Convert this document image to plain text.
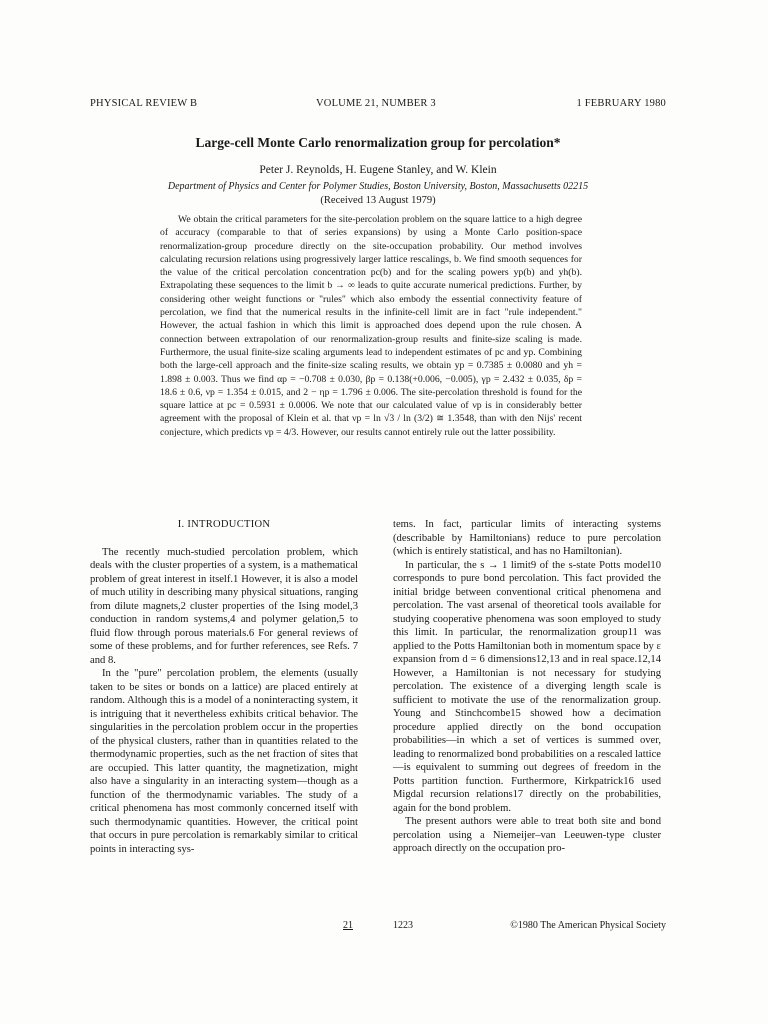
PHYSICAL REVIEW B	VOLUME 21, NUMBER 3	1 FEBRUARY 1980
Large-cell Monte Carlo renormalization group for percolation*
Peter J. Reynolds, H. Eugene Stanley, and W. Klein
Department of Physics and Center for Polymer Studies, Boston University, Boston, Massachusetts 02215
(Received 13 August 1979)

We obtain the critical parameters for the site-percolation problem on the square lattice to a high degree of accuracy (comparable to that of series expansions) by using a Monte Carlo position-space renormalization-group procedure directly on the site-occupation probability. Our method involves calculating recursion relations using progressively larger lattice rescalings, b. We find smooth sequences for the value of the critical percolation concentration pc(b) and for the scaling powers yp(b) and yh(b). Extrapolating these sequences to the limit b → ∞ leads to quite accurate numerical predictions. Further, by considering other weight functions or "rules" which also embody the essential connectivity feature of percolation, we find that the numerical results in the infinite-cell limit are in fact "rule independent." However, the actual fashion in which this limit is approached does depend upon the rule chosen. A connection between extrapolation of our renormalization-group results and finite-size scaling is made. Furthermore, the usual finite-size scaling arguments lead to independent estimates of pc and yp. Combining both the large-cell approach and the finite-size scaling results, we obtain yp = 0.7385 ± 0.0080 and yh = 1.898 ± 0.003. Thus we find αp = −0.708 ± 0.030, βp = 0.138(+0.006, −0.005), γp = 2.432 ± 0.035, δp = 18.6 ± 0.6, νp = 1.354 ± 0.015, and 2 − ηp = 1.796 ± 0.006. The site-percolation threshold is found for the square lattice at pc = 0.5931 ± 0.0006. We note that our calculated value of νp is in considerably better agreement with the proposal of Klein et al. that νp = ln √3 / ln (3/2) ≅ 1.3548, than with den Nijs' recent conjecture, which predicts νp = 4/3. However, our results cannot entirely rule out the latter possibility.

I. INTRODUCTION

The recently much-studied percolation problem, which deals with the cluster properties of a system, is a mathematical problem of great interest in itself.1 However, it is also a model of much utility in describing many physical situations, ranging from dilute magnets,2 cluster properties of the Ising model,3 conduction in random systems,4 and polymer gelation,5 to fluid flow through porous materials.6 For general reviews of some of these problems, and for further references, see Refs. 7 and 8.

In the "pure" percolation problem, the elements (usually taken to be sites or bonds on a lattice) are placed entirely at random. Although this is a model of a noninteracting system, it is intriguing that it nevertheless exhibits critical behavior. The singularities in the percolation problem occur in the properties of the physical clusters, rather than in quantities related to the thermodynamic properties, such as the net fraction of sites that are occupied. This latter quantity, the magnetization, might also have a singularity in an interacting system—though as a function of the thermodynamic variables. The study of a critical phenomena has most commonly concerned itself with such thermodynamic quantities. However, the critical point that occurs in pure percolation is remarkably similar to critical points in interacting sys-

tems. In fact, particular limits of interacting systems (describable by Hamiltonians) reduce to pure percolation (which is entirely statistical, and has no Hamiltonian).

In particular, the s → 1 limit9 of the s-state Potts model10 corresponds to pure bond percolation. This fact provided the initial bridge between conventional critical phenomena and percolation. The vast arsenal of theoretical tools available for studying cooperative phenomena was soon employed to study this limit. In particular, the renormalization group11 was applied to the Potts Hamiltonian both in momentum space by ε expansion from d = 6 dimensions12,13 and in real space.12,14 However, a Hamiltonian is not necessary for studying percolation. The existence of a diverging length scale is sufficient to motivate the use of the renormalization group. Young and Stinchcombe15 showed how a decimation procedure applied directly on the bond occupation probabilities—in which a set of vertices is summed over, leading to renormalized bond probabilities on a rescaled lattice—is equivalent to summing out degrees of freedom in the Potts partition function. Furthermore, Kirkpatrick16 used Migdal recursion relations17 directly on the probabilities, again for the bond problem.

The present authors were able to treat both site and bond percolation using a Niemeijer–van Leeuwen-type cluster approach directly on the occupation pro-

21	1223	©1980 The American Physical Society
